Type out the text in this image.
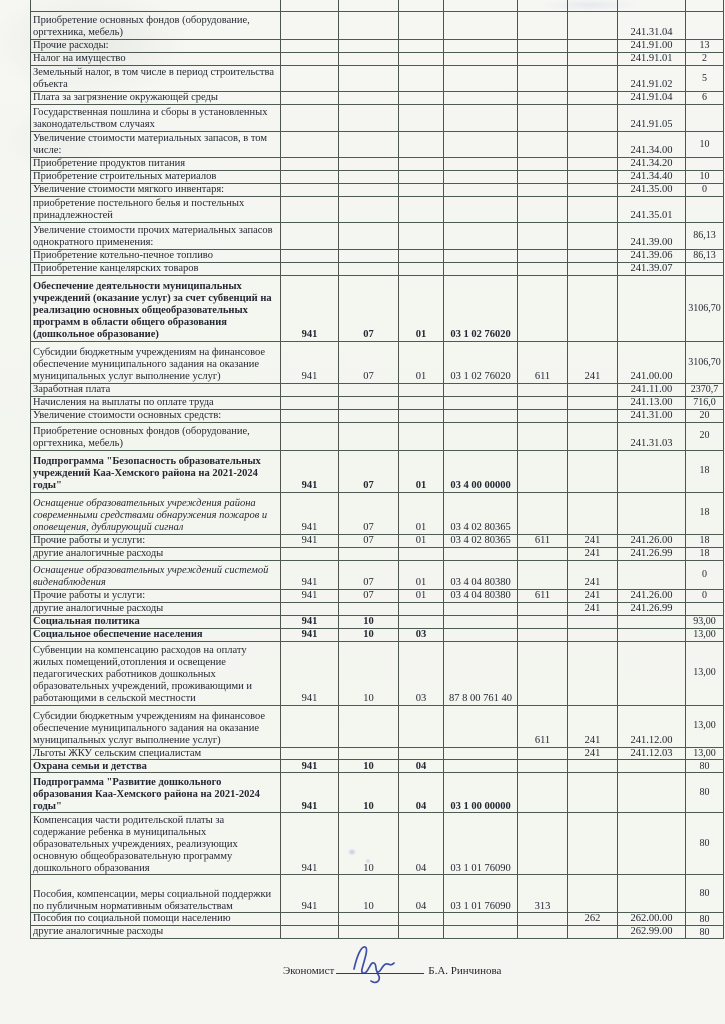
Приобретение основных фондов (оборудование, оргтехника, мебель)							241.31.04	
Прочие расходы:							241.91.00	13
Налог на имущество							241.91.01	2
Земельный налог, в том числе в период строительства объекта							241.91.02	5
Плата за загрязнение окружающей среды							241.91.04	6
Государственная пошлина и сборы в установленных законодательством случаях							241.91.05	
Увеличение стоимости материальных запасов, в том числе:							241.34.00	10
Приобретение продуктов питания							241.34.20	
Приобретение строительных материалов							241.34.40	10
Увеличение стоимости мягкого инвентаря:							241.35.00	0
приобретение постельного белья и постельных принадлежностей							241.35.01	
Увеличение стоимости прочих материальных запасов однократного применения:							241.39.00	86,13
Приобретение котельно-печное топливо							241.39.06	86,13
Приобретение канцелярских товаров							241.39.07	
Обеспечение деятельности муниципальных учреждений (оказание услуг) за счет субвенций на реализацию основных общеобразовательных программ в области общего образования (дошкольное образование)	941	07	01	03 1 02 76020				3106,70
Субсидии бюджетным учреждениям на финансовое обеспечение муниципального задания на оказание муниципальных услуг выполнение услуг)	941	07	01	03 1 02 76020	611	241	241.00.00	3106,70
Заработная плата							241.11.00	2370,7
Начисления на выплаты по оплате труда							241.13.00	716,0
Увеличение стоимости основных средств:							241.31.00	20
Приобретение основных фондов (оборудование, оргтехника, мебель)							241.31.03	20
Подпрограмма "Безопасность образовательных учреждений Каа-Хемского района на 2021-2024 годы"	941	07	01	03 4 00 00000				18
Оснащение образовательных учреждения района современными средствами обнаружения пожаров и оповещения, дублирующий сигнал	941	07	01	03 4 02 80365				18
Прочие работы и услуги:	941	07	01	03 4 02 80365	611	241	241.26.00	18
другие аналогичные расходы						241	241.26.99	18
Оснащение образовательных учреждений системой виденаблюдения	941	07	01	03 4 04 80380		241		0
Прочие работы и услуги:	941	07	01	03 4 04 80380	611	241	241.26.00	0
другие аналогичные расходы						241	241.26.99	
Социальная политика	941	10						93,00
Социальное обеспечение населения	941	10	03					13,00
Субвенции на компенсацию расходов на оплату жилых помещений,отопления и освещение педагогических работников дошкольных образовательных учреждений, проживающими и работающими в сельской местности	941	10	03	87 8 00 761 40				13,00
Субсидии бюджетным учреждениям на финансовое обеспечение муниципального задания на оказание муниципальных услуг выполнение услуг)					611	241	241.12.00	13,00
Льготы ЖКУ сельским специалистам						241	241.12.03	13,00
Охрана семьи и детства	941	10	04					80
Подпрограмма "Развитие дошкольного образования Каа-Хемского района на 2021-2024 годы"	941	10	04	03 1 00 00000				80
Компенсация части родительской платы за содержание ребенка в муниципальных образовательных учреждениях, реализующих основную общеобразовательную программу дошкольного образования	941	10	04	03 1 01 76090				80
Пособия, компенсации, меры социальной поддержки по публичным нормативным обязательствам	941	10	04	03 1 01 76090	313			80
Пособия по социальной помощи населению						262	262.00.00	80
другие аналогичные расходы							262.99.00	80
Экономист	Б.А. Ринчинова
